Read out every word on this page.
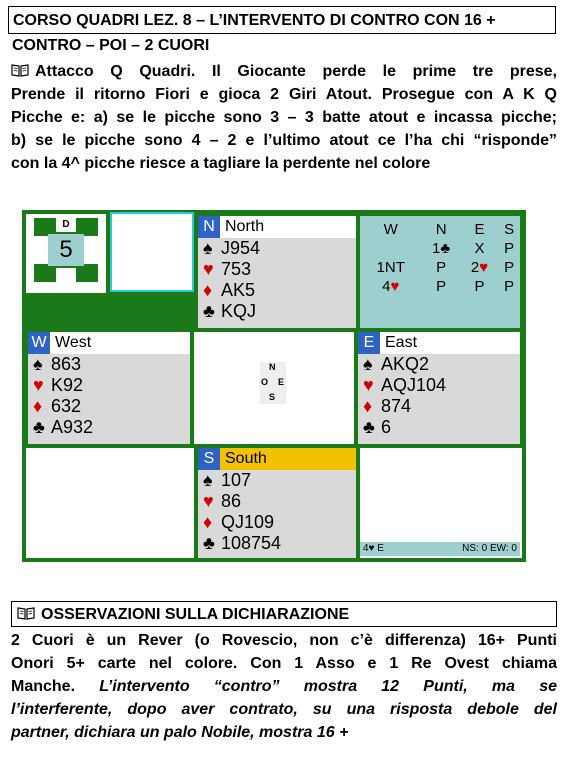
CORSO QUADRI LEZ. 8 – L’INTERVENTO DI CONTRO CON 16 +
CONTRO – POI – 2 CUORI
Attacco Q Quadri. Il Giocante perde le prime tre prese,
Prende il ritorno Fiori e gioca 2 Giri Atout. Prosegue con A K Q
Picche e: a) se le picche sono 3 – 3 batte atout e incassa picche;
b) se le picche sono 4 – 2 e l’ultimo atout ce l’ha chi “risponde”
con la 4^ picche riesce a tagliare la perdente nel colore
D
5
N North
♠ J954
♥ 753
♦ AK5
♣ KQJ
W	N	E	S
	1♣	X	P
1NT	P	2♥	P
4♥	P	P	P
W West
♠ 863
♥ K92
♦ 632
♣ A932
N
O E
S
E East
♠ AKQ2
♥ AQJ104
♦ 874
♣ 6
S South
♠ 107
♥ 86
♦ QJ109
♣ 108754	4♥ E	NS: 0 EW: 0
OSSERVAZIONI SULLA DICHIARAZIONE
2 Cuori è un Rever (o Rovescio, non c’è differenza) 16+ Punti
Onori 5+ carte nel colore. Con 1 Asso e 1 Re Ovest chiama
Manche. L’intervento “contro” mostra 12 Punti, ma se
l’interferente, dopo aver contrato, su una risposta debole del
partner, dichiara un palo Nobile, mostra 16 +
